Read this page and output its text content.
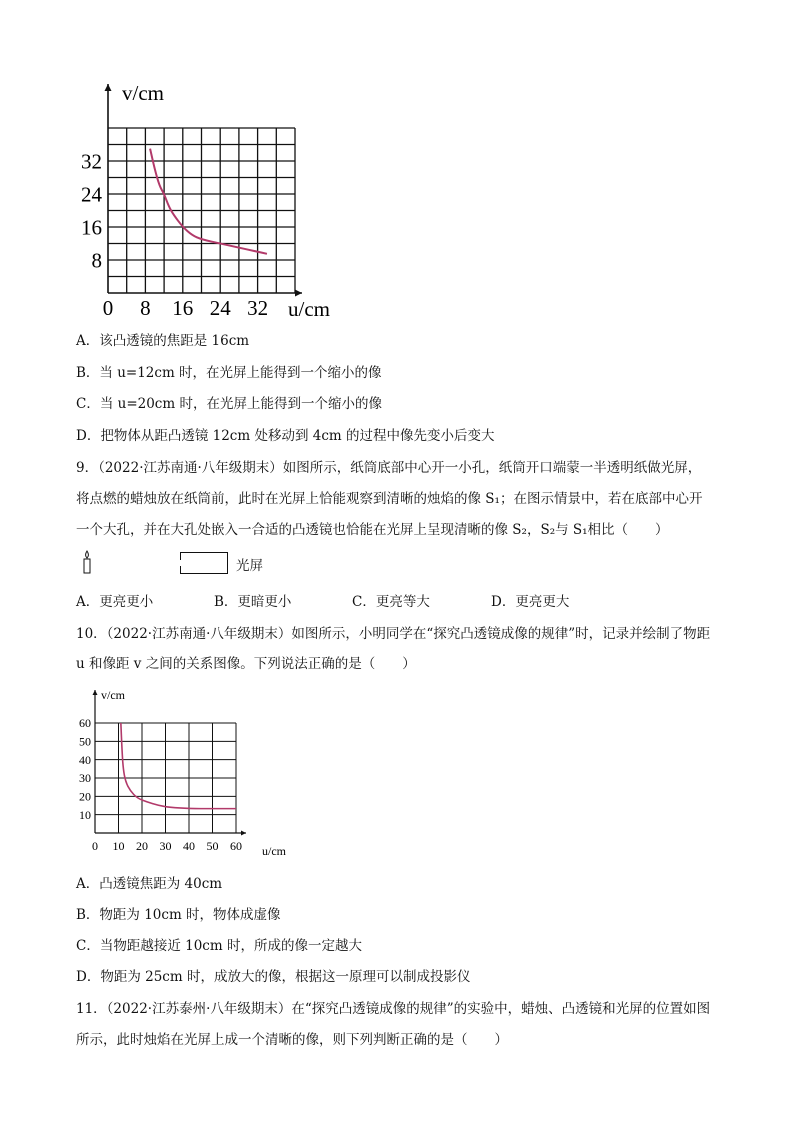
0 8 16 24 32
32
24
16
8
v/cm
u/cm
A．该凸透镜的焦距是 16cm
B．当 u=12cm 时，在光屏上能得到一个缩小的像
C．当 u=20cm 时，在光屏上能得到一个缩小的像
D．把物体从距凸透镜 12cm 处移动到 4cm 的过程中像先变小后变大
9．（2022·江苏南通·八年级期末）如图所示，纸筒底部中心开一小孔，纸筒开口端蒙一半透明纸做光屏，
将点燃的蜡烛放在纸筒前，此时在光屏上恰能观察到清晰的烛焰的像 S₁；在图示情景中，若在底部中心开
一个大孔，并在大孔处嵌入一合适的凸透镜也恰能在光屏上呈现清晰的像 S₂，S₂与 S₁相比（　　）
光屏
A．更亮更小	B．更暗更小	C．更亮等大	D．更亮更大
10．（2022·江苏南通·八年级期末）如图所示，小明同学在“探究凸透镜成像的规律”时，记录并绘制了物距
u 和像距 v 之间的关系图像。下列说法正确的是（　　）
0 10 20 30 40 50 60
60
50
40
30
20
10
v/cm
u/cm
A．凸透镜焦距为 40cm
B．物距为 10cm 时，物体成虚像
C．当物距越接近 10cm 时，所成的像一定越大
D．物距为 25cm 时，成放大的像，根据这一原理可以制成投影仪
11．（2022·江苏泰州·八年级期末）在“探究凸透镜成像的规律”的实验中，蜡烛、凸透镜和光屏的位置如图
所示，此时烛焰在光屏上成一个清晰的像，则下列判断正确的是（　　）
